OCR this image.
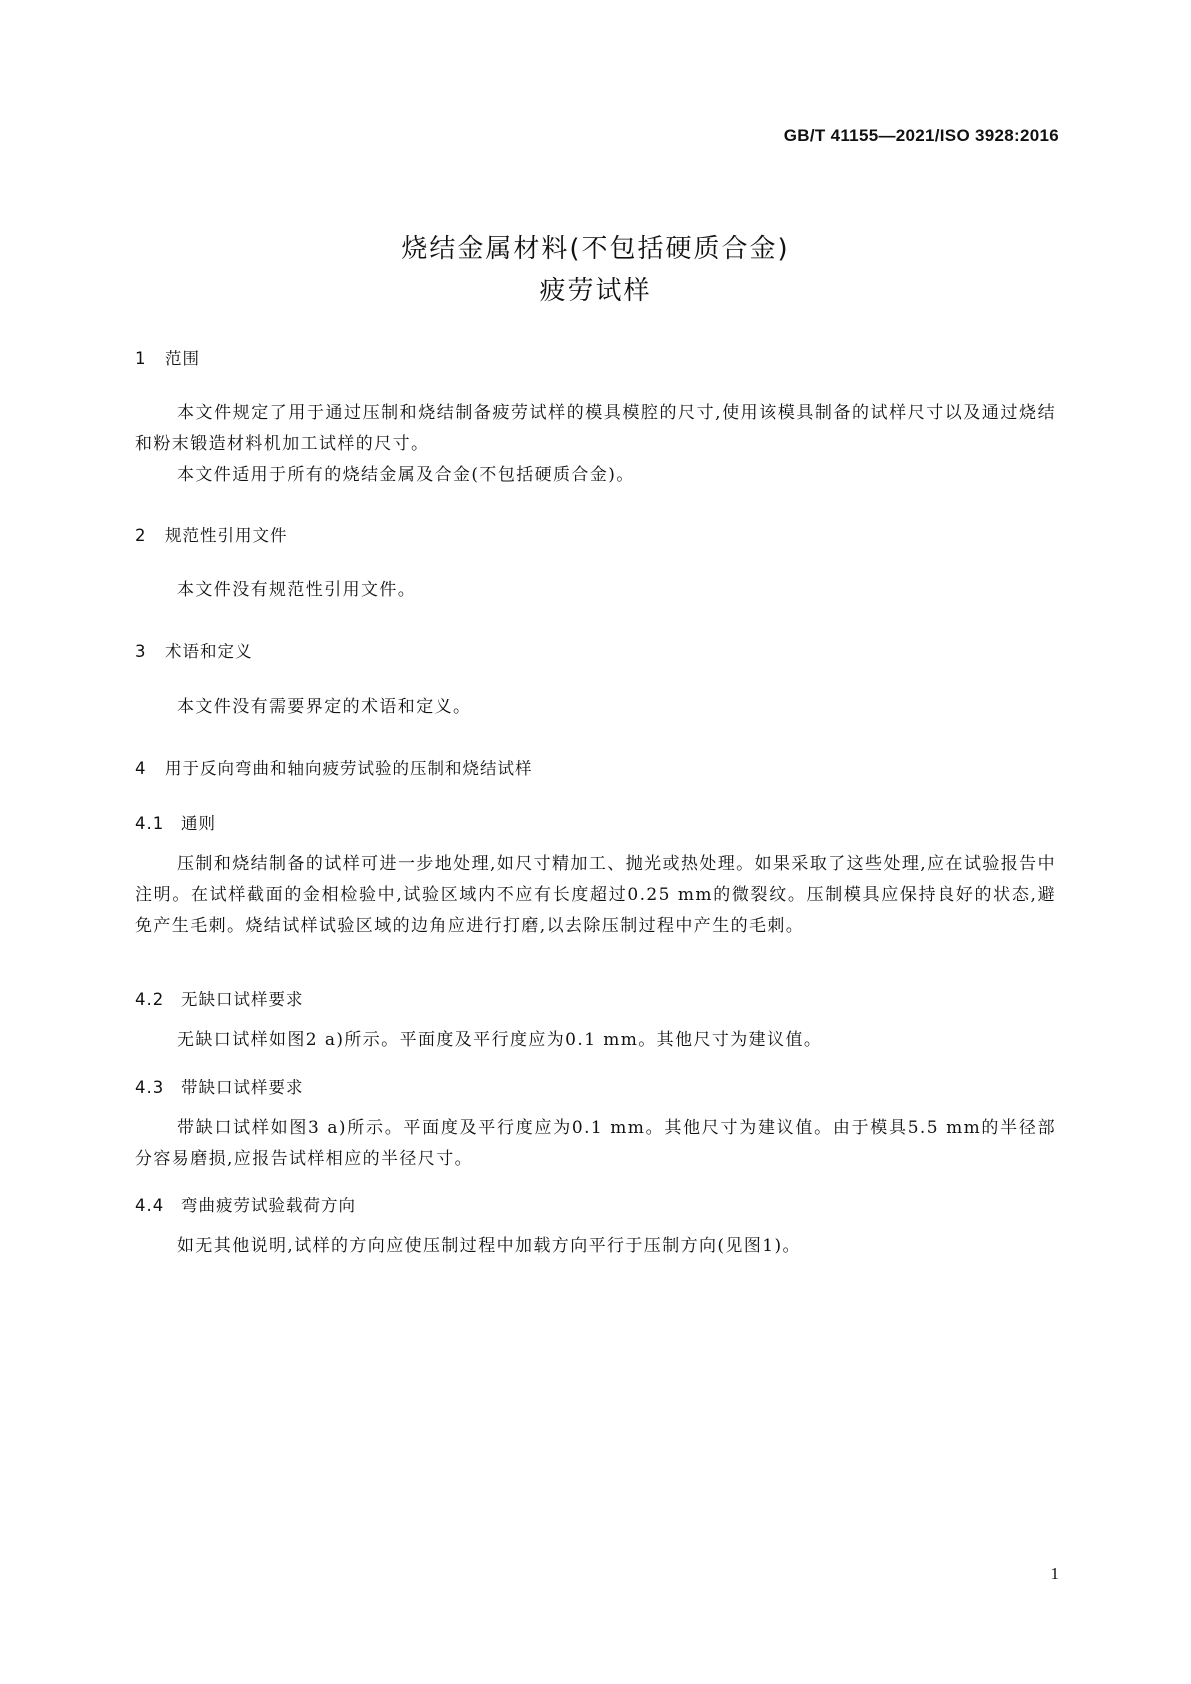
GB/T 41155—2021/ISO 3928:2016
烧结金属材料(不包括硬质合金)
疲劳试样
1 范围
本文件规定了用于通过压制和烧结制备疲劳试样的模具模腔的尺寸,使用该模具制备的试样尺寸以及通过烧结和粉末锻造材料机加工试样的尺寸。
本文件适用于所有的烧结金属及合金(不包括硬质合金)。
2 规范性引用文件
本文件没有规范性引用文件。
3 术语和定义
本文件没有需要界定的术语和定义。
4 用于反向弯曲和轴向疲劳试验的压制和烧结试样
4.1 通则
压制和烧结制备的试样可进一步地处理,如尺寸精加工、抛光或热处理。如果采取了这些处理,应在试验报告中注明。在试样截面的金相检验中,试验区域内不应有长度超过0.25 mm的微裂纹。压制模具应保持良好的状态,避免产生毛刺。烧结试样试验区域的边角应进行打磨,以去除压制过程中产生的毛刺。
4.2 无缺口试样要求
无缺口试样如图2 a)所示。平面度及平行度应为0.1 mm。其他尺寸为建议值。
4.3 带缺口试样要求
带缺口试样如图3 a)所示。平面度及平行度应为0.1 mm。其他尺寸为建议值。由于模具5.5 mm的半径部分容易磨损,应报告试样相应的半径尺寸。
4.4 弯曲疲劳试验载荷方向
如无其他说明,试样的方向应使压制过程中加载方向平行于压制方向(见图1)。
1
